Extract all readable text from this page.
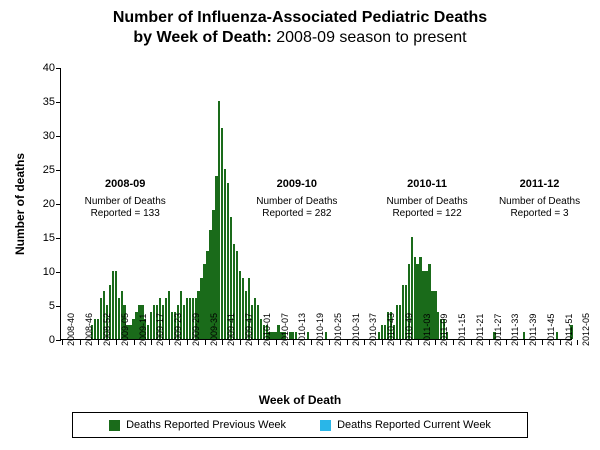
Number of Influenza-Associated Pediatric Deaths
by Week of Death: 2008-09 season to present
Number of deaths
0
5
10
15
20
25
30
35
40
2008-40 2008-46 2008-52 2009-05 2009-11 2009-17 2009-23 2009-29 2009-35 2009-41 2009-47 2010-01 2010-07 2010-13 2010-19 2010-25 2010-31 2010-37 2010-43 2010-49 2011-03 2011-09 2011-15 2011-21 2011-27 2011-33 2011-39 2011-45 2011-51 2012-05
2008-09
Number of Deaths
Reported = 133
2009-10
Number of Deaths
Reported = 282
2010-11
Number of Deaths
Reported = 122
2011-12
Number of Deaths
Reported = 3
Week of Death
Deaths Reported Previous Week	Deaths Reported Current Week
